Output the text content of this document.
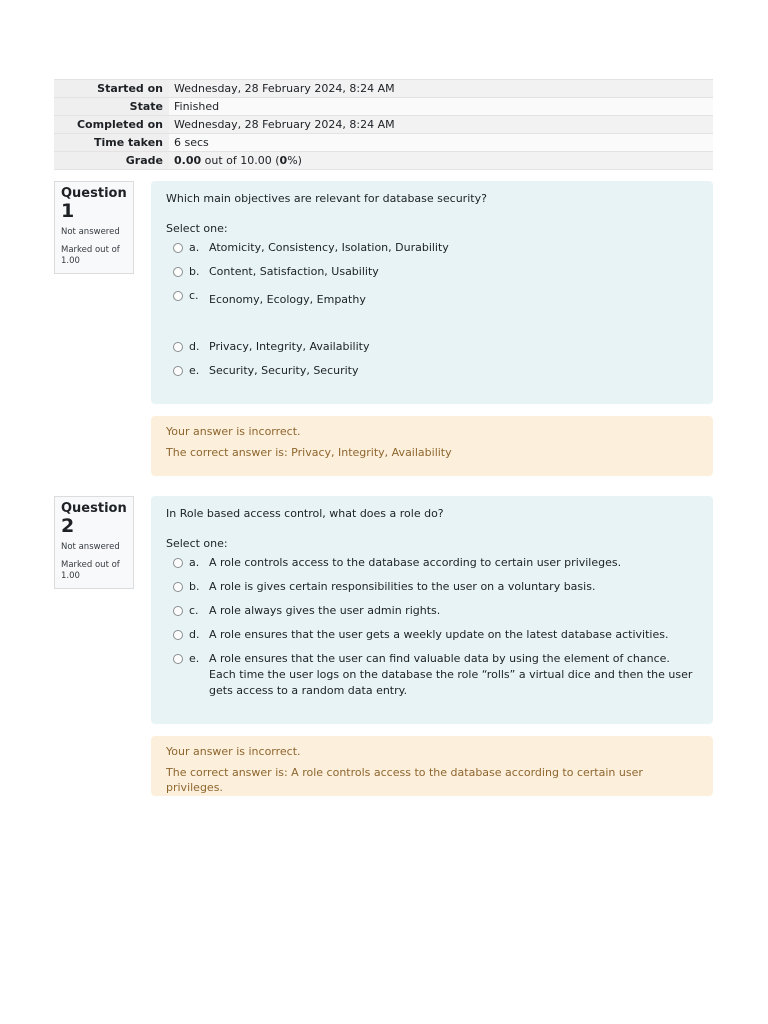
Started on	Wednesday, 28 February 2024, 8:24 AM
State	Finished
Completed on	Wednesday, 28 February 2024, 8:24 AM
Time taken	6 secs
Grade	0.00 out of 10.00 (0%)
Question
1
Not answered
Marked out of 1.00
Which main objectives are relevant for database security?
Select one:
a. Atomicity, Consistency, Isolation, Durability
b. Content, Satisfaction, Usability
c. Economy, Ecology, Empathy
d. Privacy, Integrity, Availability
e. Security, Security, Security
Your answer is incorrect.
The correct answer is: Privacy, Integrity, Availability
Question
2
Not answered
Marked out of 1.00
In Role based access control, what does a role do?
Select one:
a. A role controls access to the database according to certain user privileges.
b. A role is gives certain responsibilities to the user on a voluntary basis.
c. A role always gives the user admin rights.
d. A role ensures that the user gets a weekly update on the latest database activities.
e. A role ensures that the user can find valuable data by using the element of chance. Each time the user logs on the database the role “rolls” a virtual dice and then the user gets access to a random data entry.
Your answer is incorrect.
The correct answer is: A role controls access to the database according to certain user privileges.
